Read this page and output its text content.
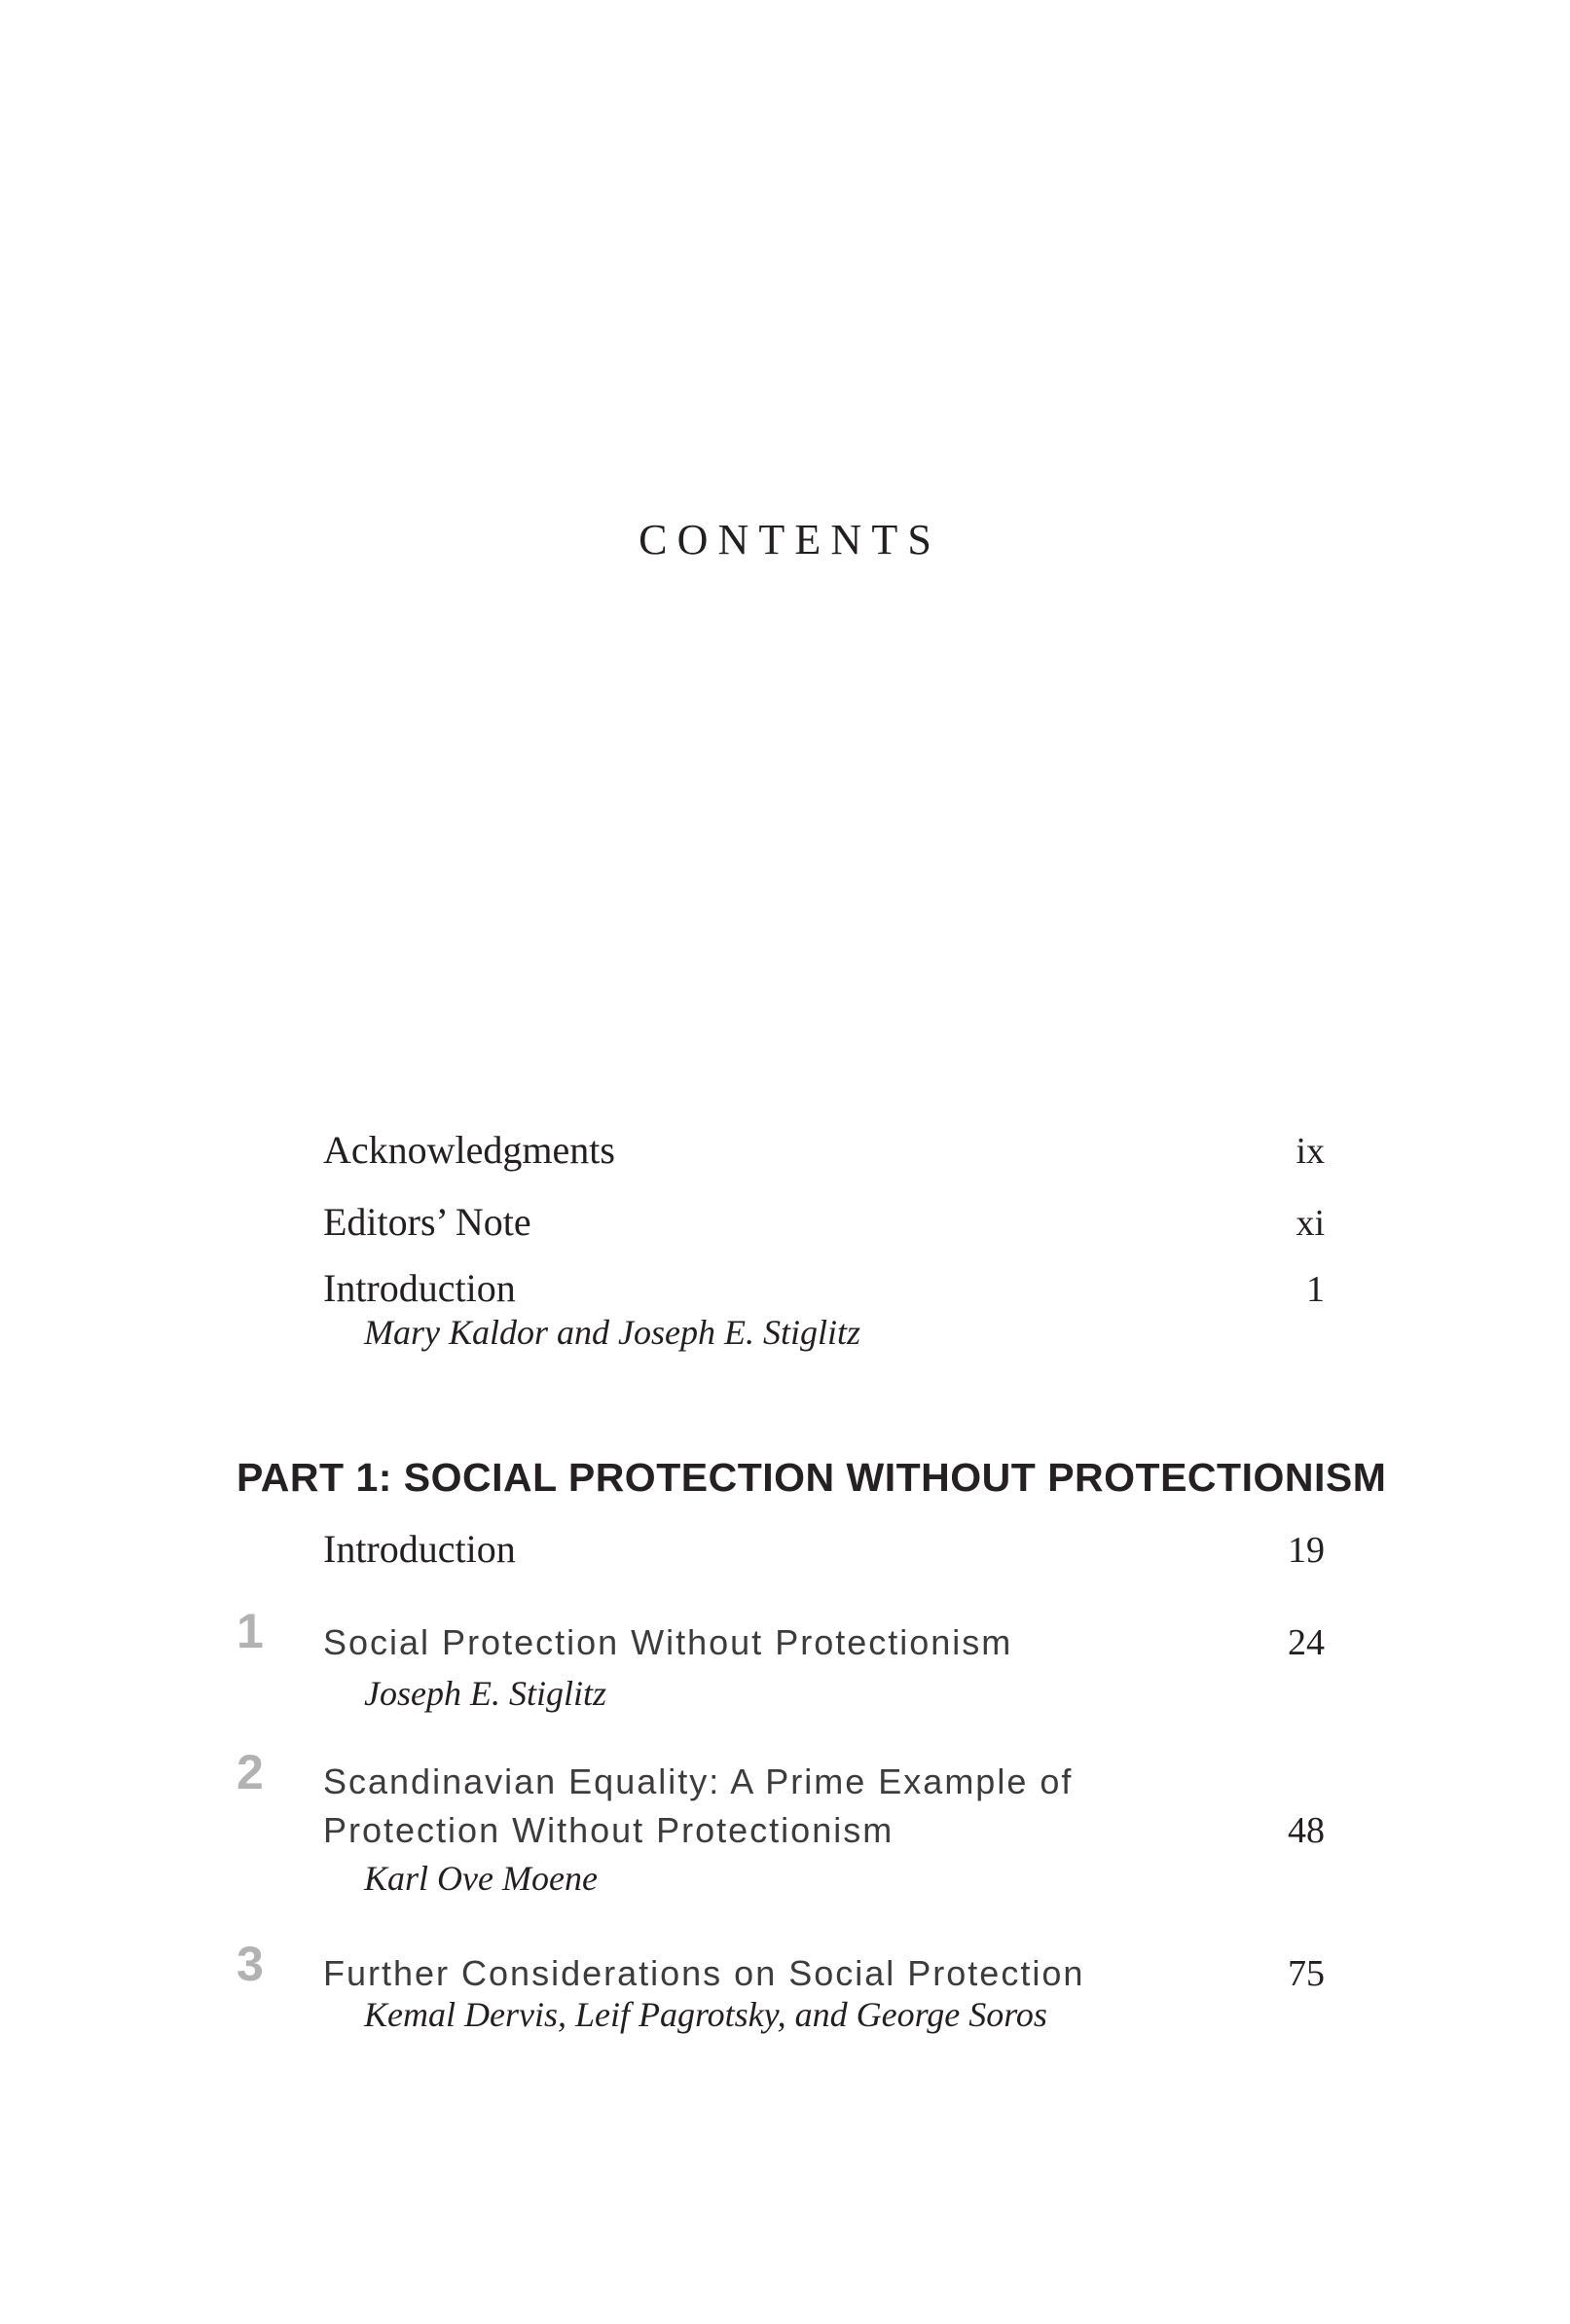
CONTENTS
Acknowledgments	ix
Editors’ Note	xi
Introduction	1
Mary Kaldor and Joseph E. Stiglitz
PART 1: SOCIAL PROTECTION WITHOUT PROTECTIONISM
Introduction	19
1 Social Protection Without Protectionism	24
Joseph E. Stiglitz
2 Scandinavian Equality: A Prime Example of
Protection Without Protectionism	48
Karl Ove Moene
3 Further Considerations on Social Protection	75
Kemal Dervis, Leif Pagrotsky, and George Soros
